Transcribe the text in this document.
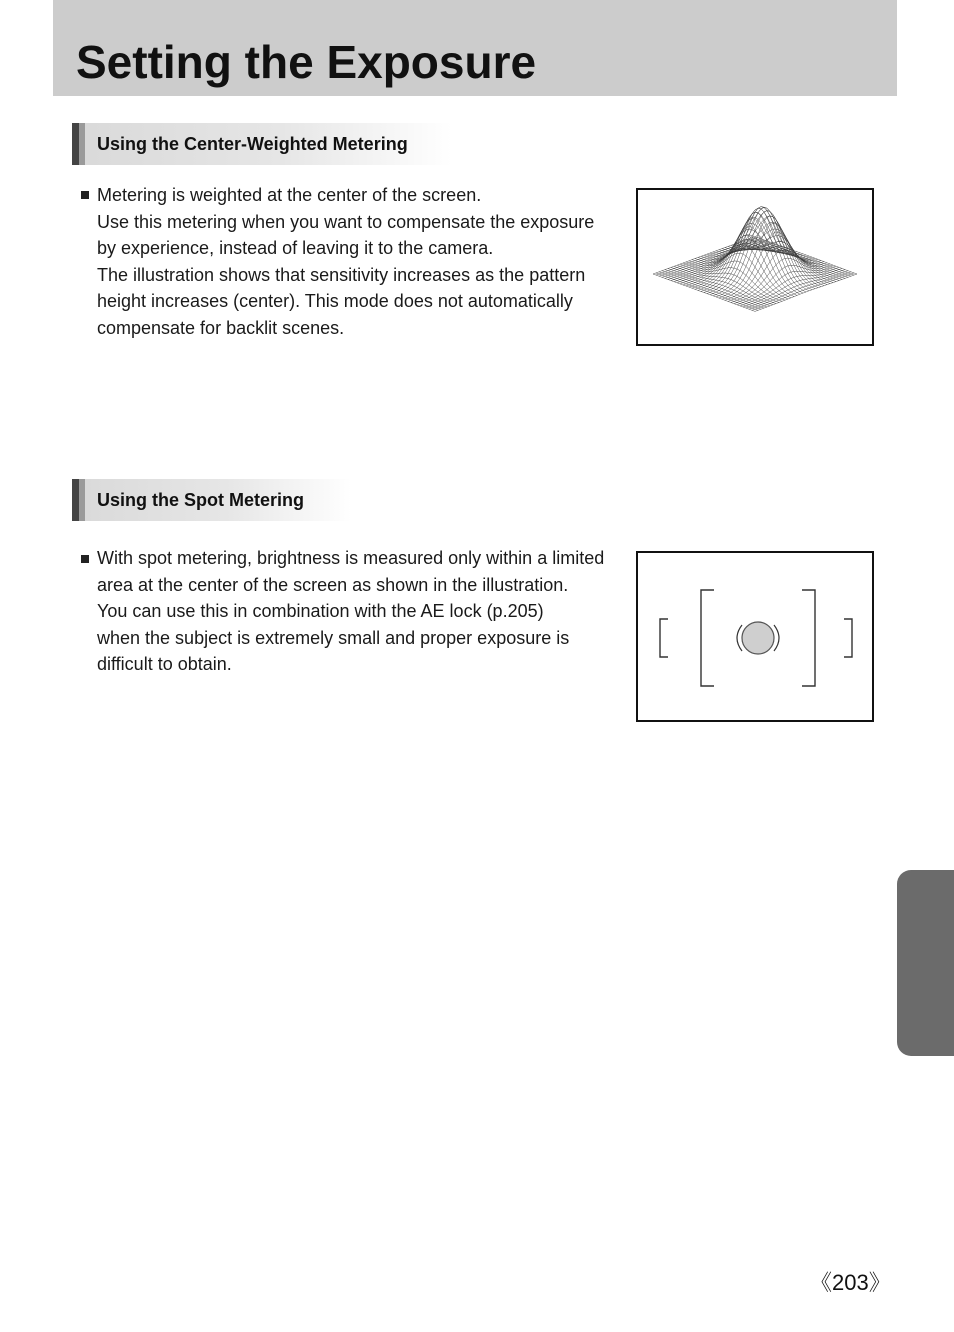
Setting the Exposure
Using the Center-Weighted Metering

Metering is weighted at the center of the screen.

Use this metering when you want to compensate the exposure

by experience, instead of leaving it to the camera.

The illustration shows that sensitivity increases as the pattern

height increases (center). This mode does not automatically

compensate for backlit scenes.

Using the Spot Metering

With spot metering, brightness is measured only within a limited

area at the center of the screen as shown in the illustration.

You can use this in combination with the AE lock (p.205)

when the subject is extremely small and proper exposure is

difficult to obtain.

《203》
